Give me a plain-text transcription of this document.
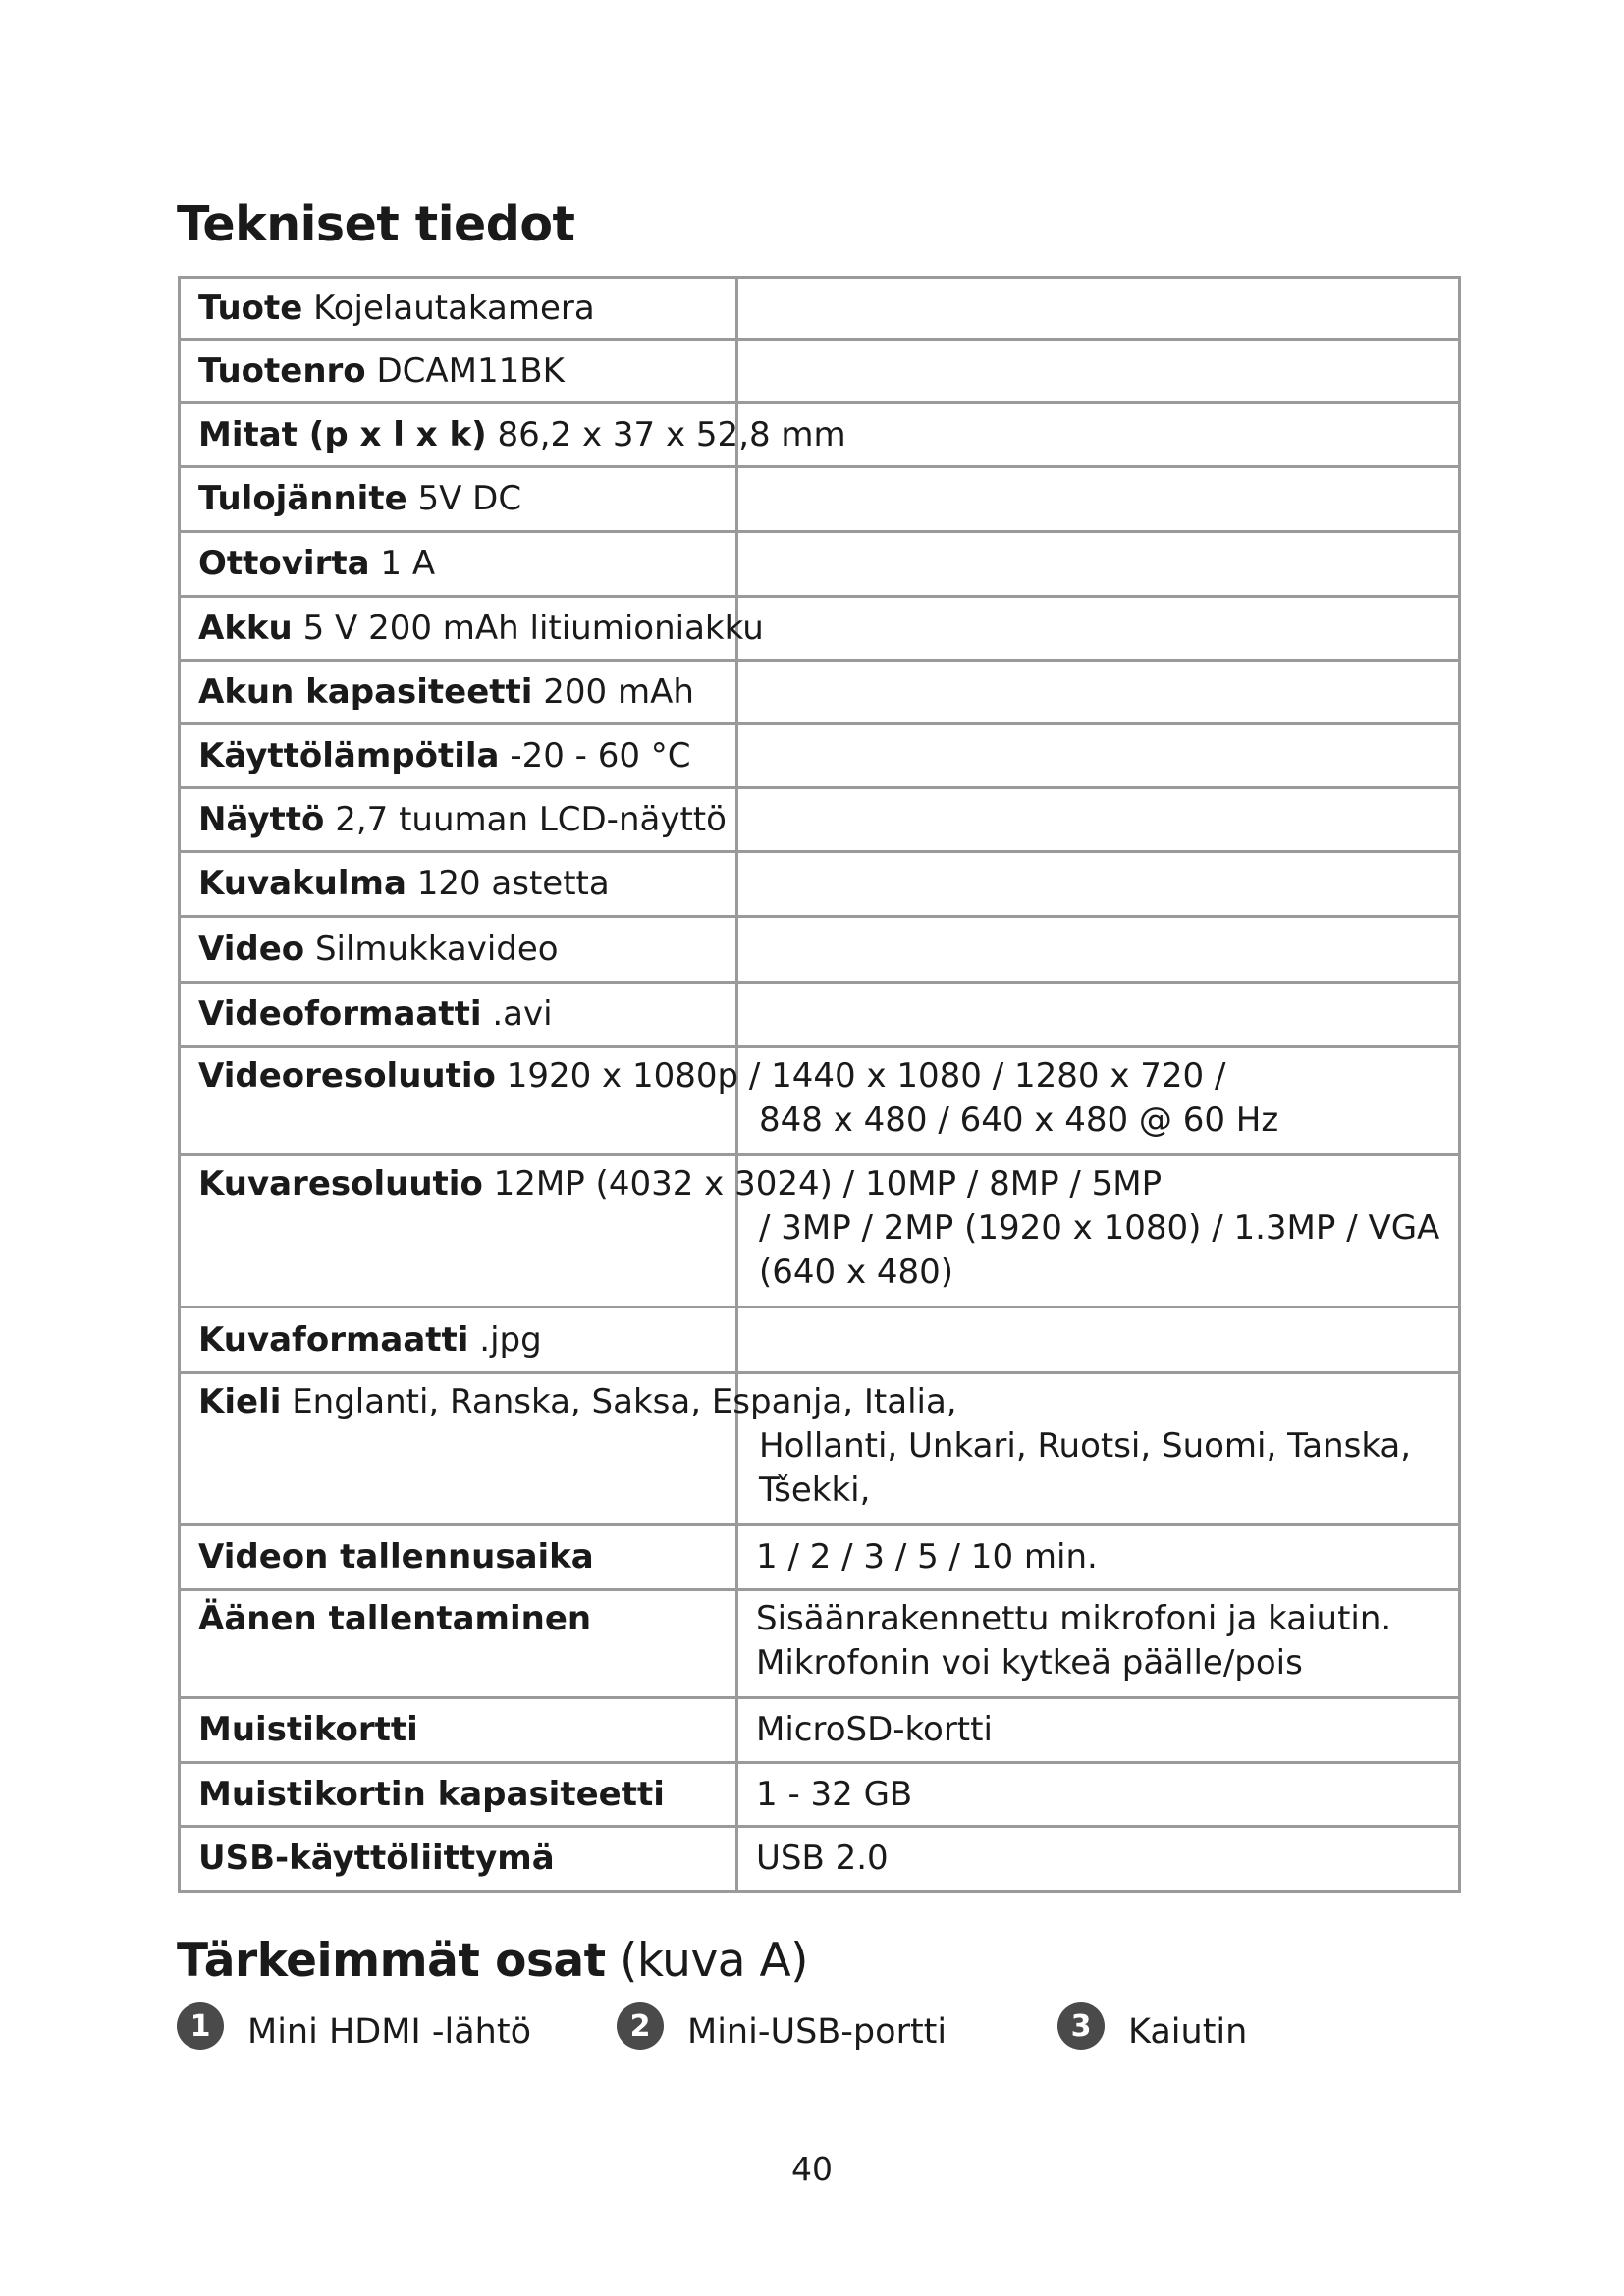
Tekniset tiedot
Tuote Kojelautakamera	
Tuotenro DCAM11BK	
Mitat (p x l x k) 86,2 x 37 x 52,8 mm	
Tulojännite 5V DC	
Ottovirta 1 A	
Akku 5 V 200 mAh litiumioniakku	
Akun kapasiteetti 200 mAh	
Käyttölämpötila -20 - 60 °C	
Näyttö 2,7 tuuman LCD-näyttö	
Kuvakulma 120 astetta	
Video Silmukkavideo	
Videoformaatti .avi	
Videoresoluutio 1920 x 1080p / 1440 x 1080 / 1280 x 720 /
848 x 480 / 640 x 480 @ 60 Hz	

Kuvaresoluutio 12MP (4032 x 3024) / 10MP / 8MP / 5MP
/ 3MP / 2MP (1920 x 1080) / 1.3MP / VGA
(640 x 480)	

Kuvaformaatti .jpg	
Kieli Englanti, Ranska, Saksa, Espanja, Italia,
Hollanti, Unkari, Ruotsi, Suomi, Tanska,
Tšekki,	

Videon tallennusaika	1 / 2 / 3 / 5 / 10 min.

Äänen tallentaminen	Sisäänrakennettu mikrofoni ja kaiutin.
Mikrofonin voi kytkeä päälle/pois

Muistikortti	MicroSD-kortti

Muistikortin kapasiteetti	1 - 32 GB

USB-käyttöliittymä	USB 2.0
Tärkeimmät osat (kuva A)
1	Mini HDMI -lähtö	2	Mini-USB-portti	3	Kaiutin
40
